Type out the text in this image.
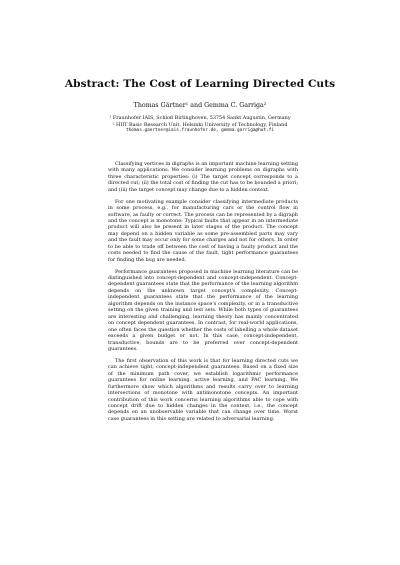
Abstract: The Cost of Learning Directed Cuts
Thomas Gärtner¹ and Gemma C. Garriga²
¹ Fraunhofer IAIS, Schloß Birlinghoven, 53754 Sankt Augustin, Germany
² HIIT Basic Research Unit, Helsinki University of Technology, Finland
thomas.gaertner@iais.fraunhofer.de, gemma.garriga@hut.fi

Classifying vertices in digraphs is an important machine learning setting with many applications. We consider learning problems on digraphs with three characteristic properties: (i) The target concept corresponds to a directed cut; (ii) the total cost of finding the cut has to be bounded a priori; and (iii) the target concept may change due to a hidden context.

For one motivating example consider classifying intermediate products in some process, e.g., for manufacturing cars or the control flow in software, as faulty or correct. The process can be represented by a digraph and the concept is monotone: Typical faults that appear in an intermediate product will also be present in later stages of the product. The concept may depend on a hidden variable as some pre-assembled parts may vary and the fault may occur only for some charges and not for others. In order to be able to trade off between the cost of having a faulty product and the costs needed to find the cause of the fault, tight performance guarantees for finding the bug are needed.

Performance guarantees proposed in machine learning literature can be distinguished into concept-dependent and concept-independent. Concept-dependent guarantees state that the performance of the learning algorithm depends on the unknown target concept's complexity. Concept-independent guarantees state that the performance of the learning algorithm depends on the instance space's complexity, or in a transductive setting on the given training and test sets. While both types of guarantees are interesting and challenging, learning theory has mainly concentrated on concept dependent guarantees. In contrast, for real-world applications, one often faces the question whether the costs of labelling a whole dataset exceeds a given budget or not. In this case, concept-independent, transductive, bounds are to be preferred over concept-dependent guarantees.

The first observation of this work is that for learning directed cuts we can achieve tight, concept-independent guarantees. Based on a fixed size of the minimum path cover, we establish logarithmic performance guarantees for online learning, active learning, and PAC learning. We furthermore show which algorithms and results carry over to learning intersections of monotone with antimonotone concepts. An important contribution of this work concerns learning algorithms able to cope with concept drift due to hidden changes in the context, i.e., the concept depends on an unobservable variable that can change over time. Worst case guarantees in this setting are related to adversarial learning.
